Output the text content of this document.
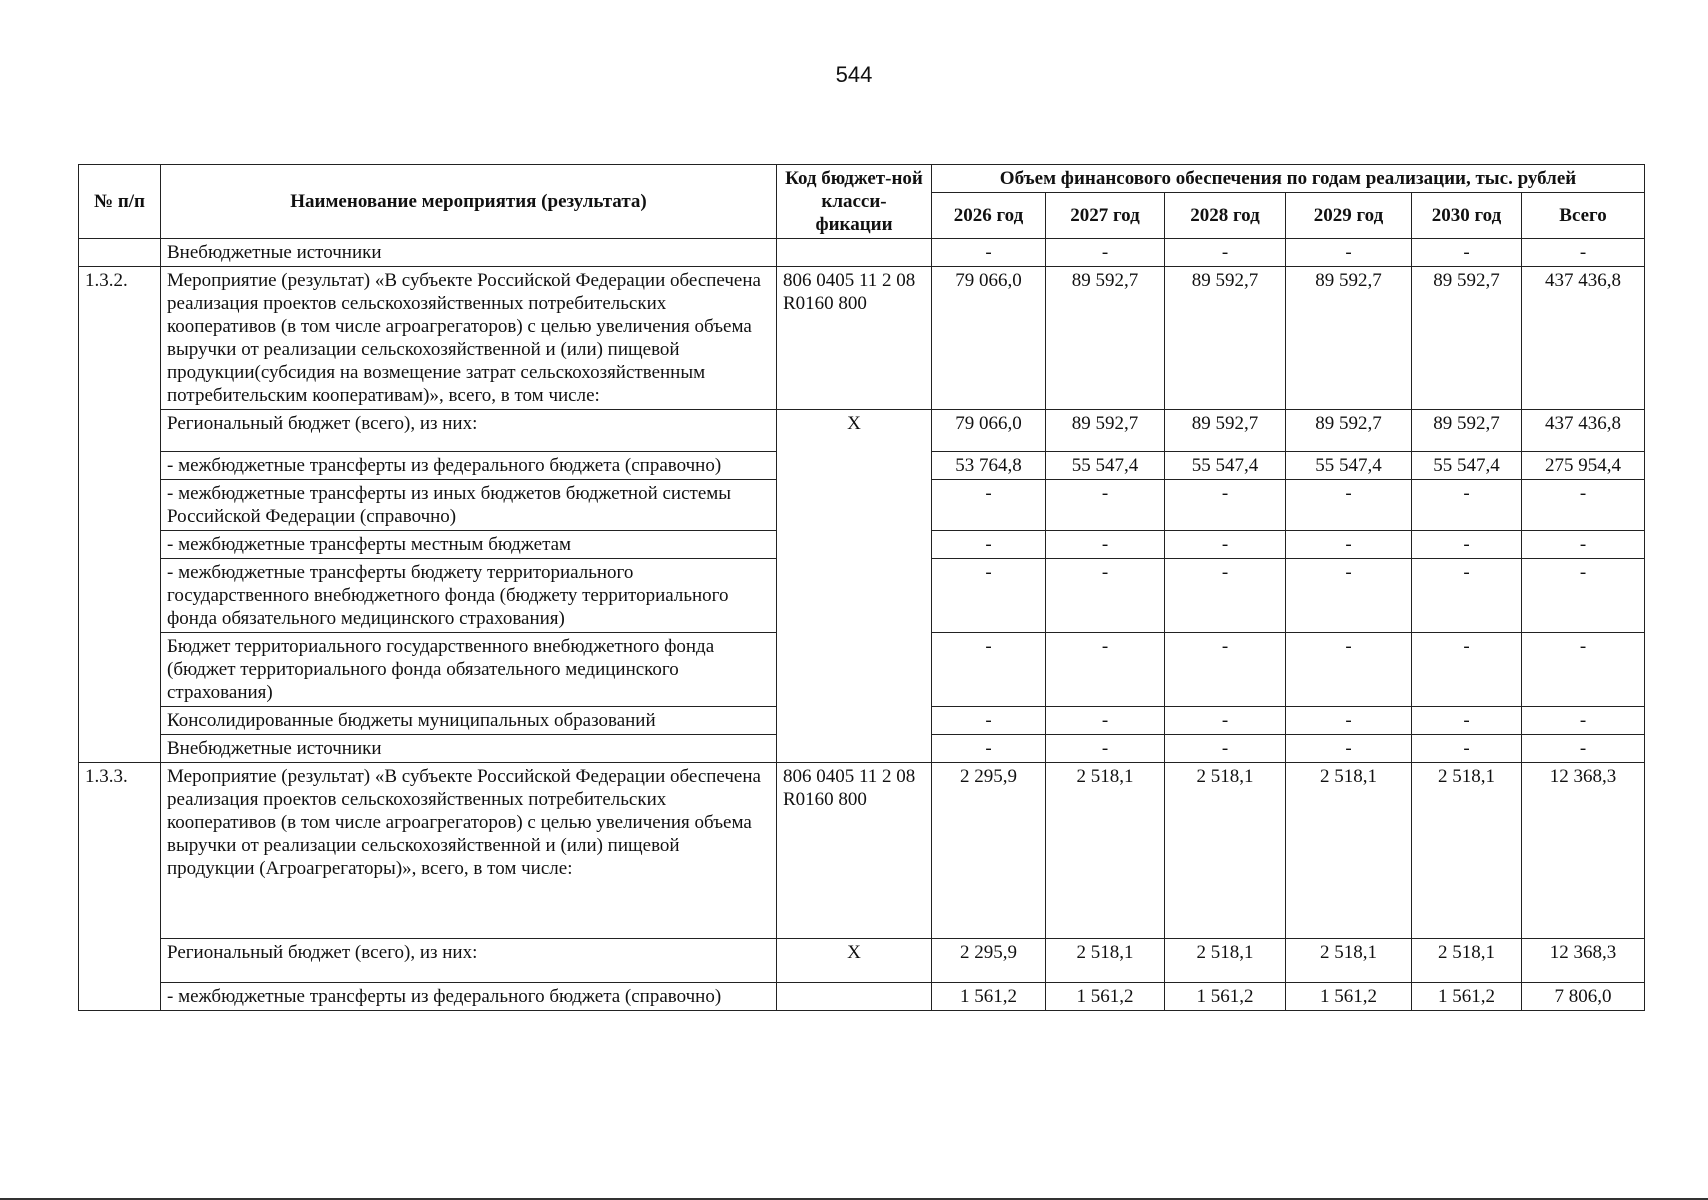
544
№ п/п	Наименование мероприятия (результата)	Код бюджет-ной класси-фикации	Объем финансового обеспечения по годам реализации, тыс. рублей					
			2026 год	2027 год	2028 год	2029 год	2030 год	Всего
	Внебюджетные источники		-	-	-	-	-	-
1.3.2.	Мероприятие (результат) «В субъекте Российской Федерации обеспечена реализация проектов сельскохозяйственных потребительских кооперативов (в том числе агроагрегаторов) с целью увеличения объема выручки от реализации сельскохозяйственной и (или) пищевой продукции(субсидия на возмещение затрат сельскохозяйственным потребительским кооперативам)», всего, в том числе:	806 0405 11 2 08 R0160 800	79 066,0	89 592,7	89 592,7	89 592,7	89 592,7	437 436,8
	Региональный бюджет (всего), из них:	X	79 066,0	89 592,7	89 592,7	89 592,7	89 592,7	437 436,8
	- межбюджетные трансферты из федерального бюджета (справочно)		53 764,8	55 547,4	55 547,4	55 547,4	55 547,4	275 954,4
	- межбюджетные трансферты из иных бюджетов бюджетной системы Российской Федерации (справочно)		-	-	-	-	-	-
	- межбюджетные трансферты местным бюджетам		-	-	-	-	-	-
	- межбюджетные трансферты бюджету территориального государственного внебюджетного фонда (бюджету территориального фонда обязательного медицинского страхования)		-	-	-	-	-	-
	Бюджет территориального государственного внебюджетного фонда (бюджет территориального фонда обязательного медицинского страхования)		-	-	-	-	-	-
	Консолидированные бюджеты муниципальных образований		-	-	-	-	-	-
	Внебюджетные источники		-	-	-	-	-	-
1.3.3.	Мероприятие (результат) «В субъекте Российской Федерации обеспечена реализация проектов сельскохозяйственных потребительских кооперативов (в том числе агроагрегаторов) с целью увеличения объема выручки от реализации сельскохозяйственной и (или) пищевой продукции (Агроагрегаторы)», всего, в том числе:	806 0405 11 2 08 R0160 800	2 295,9	2 518,1	2 518,1	2 518,1	2 518,1	12 368,3
	Региональный бюджет (всего), из них:	X	2 295,9	2 518,1	2 518,1	2 518,1	2 518,1	12 368,3
	- межбюджетные трансферты из федерального бюджета (справочно)		1 561,2	1 561,2	1 561,2	1 561,2	1 561,2	7 806,0
